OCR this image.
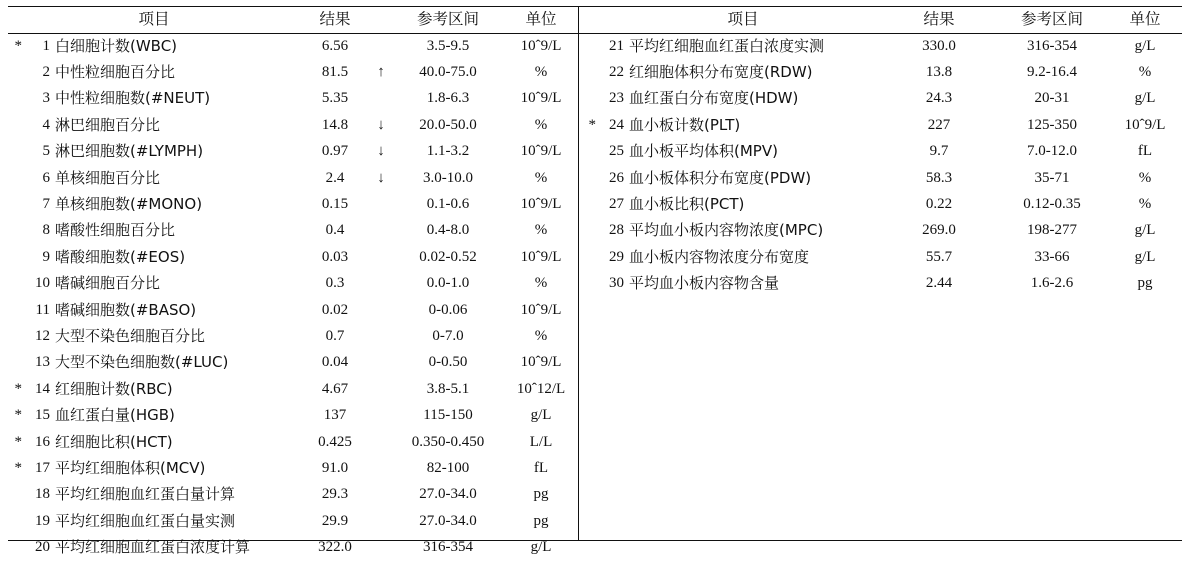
项目			结果		参考区间	单位
*	1	白细胞计数(WBC)	6.56		3.5-9.5	10ˆ9/L
	2	中性粒细胞百分比	81.5	↑	40.0-75.0	%
	3	中性粒细胞数(#NEUT)	5.35		1.8-6.3	10ˆ9/L
	4	淋巴细胞百分比	14.8	↓	20.0-50.0	%
	5	淋巴细胞数(#LYMPH)	0.97	↓	1.1-3.2	10ˆ9/L
	6	单核细胞百分比	2.4	↓	3.0-10.0	%
	7	单核细胞数(#MONO)	0.15		0.1-0.6	10ˆ9/L
	8	嗜酸性细胞百分比	0.4		0.4-8.0	%
	9	嗜酸细胞数(#EOS)	0.03		0.02-0.52	10ˆ9/L
	10	嗜碱细胞百分比	0.3		0.0-1.0	%
	11	嗜碱细胞数(#BASO)	0.02		0-0.06	10ˆ9/L
	12	大型不染色细胞百分比	0.7		0-7.0	%
	13	大型不染色细胞数(#LUC)	0.04		0-0.50	10ˆ9/L
*	14	红细胞计数(RBC)	4.67		3.8-5.1	10ˆ12/L
*	15	血红蛋白量(HGB)	137		115-150	g/L
*	16	红细胞比积(HCT)	0.425		0.350-0.450	L/L
*	17	平均红细胞体积(MCV)	91.0		82-100	fL
	18	平均红细胞血红蛋白量计算	29.3		27.0-34.0	pg
	19	平均红细胞血红蛋白量实测	29.9		27.0-34.0	pg
	20	平均红细胞血红蛋白浓度计算	322.0		316-354	g/L
项目			结果		参考区间	单位
	21	平均红细胞血红蛋白浓度实测	330.0		316-354	g/L
	22	红细胞体积分布宽度(RDW)	13.8		9.2-16.4	%
	23	血红蛋白分布宽度(HDW)	24.3		20-31	g/L
*	24	血小板计数(PLT)	227		125-350	10ˆ9/L
	25	血小板平均体积(MPV)	9.7		7.0-12.0	fL
	26	血小板体积分布宽度(PDW)	58.3		35-71	%
	27	血小板比积(PCT)	0.22		0.12-0.35	%
	28	平均血小板内容物浓度(MPC)	269.0		198-277	g/L
	29	血小板内容物浓度分布宽度	55.7		33-66	g/L
	30	平均血小板内容物含量	2.44		1.6-2.6	pg
